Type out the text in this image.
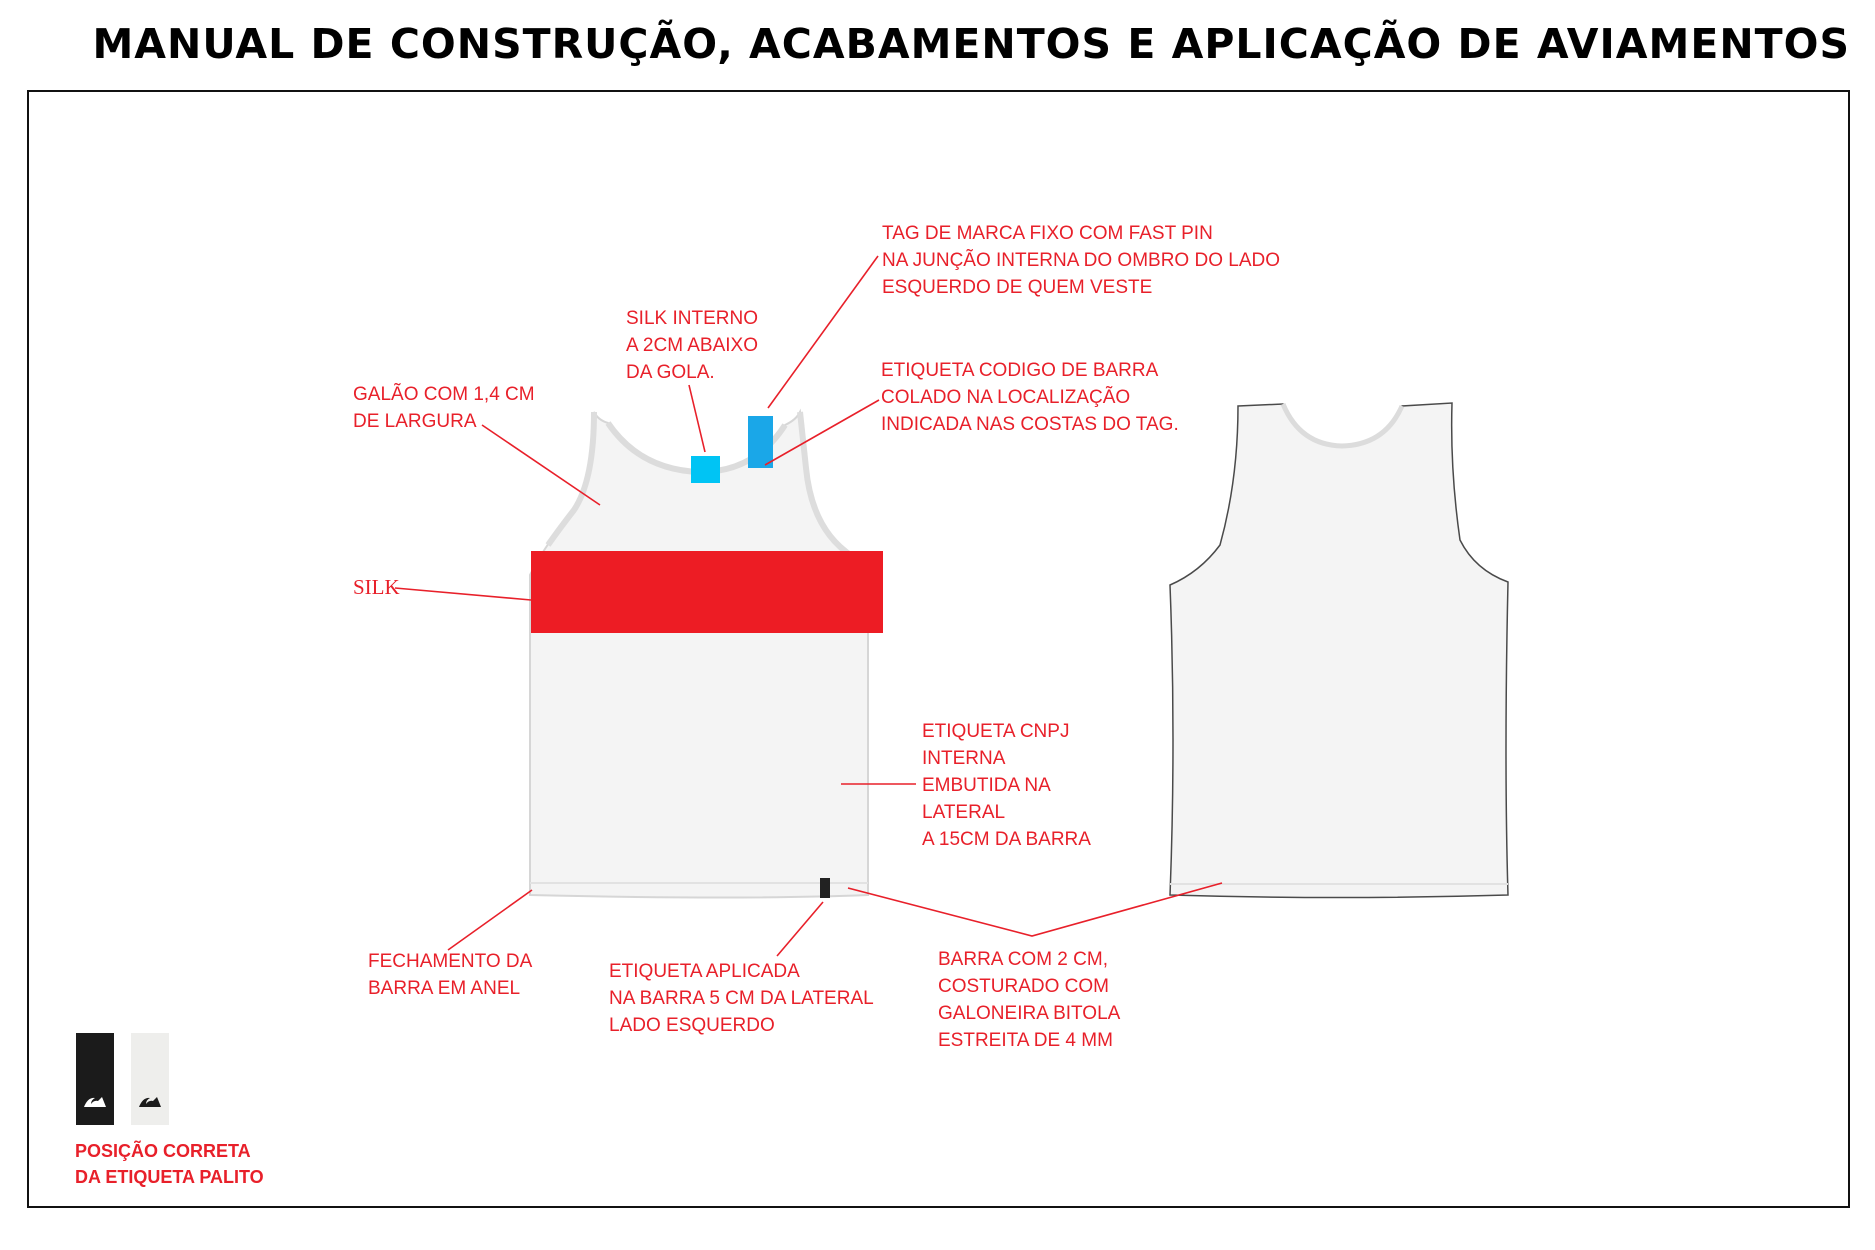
MANUAL DE CONSTRUÇÃO, ACABAMENTOS E APLICAÇÃO DE AVIAMENTOS
TAG DE MARCA FIXO COM FAST PIN
NA JUNÇÃO INTERNA DO OMBRO DO LADO
ESQUERDO DE QUEM VESTE
SILK INTERNO
A 2CM ABAIXO
DA GOLA.	ETIQUETA CODIGO DE BARRA
COLADO NA LOCALIZAÇÃO
INDICADA NAS COSTAS DO TAG.
GALÃO COM 1,4 CM
DE LARGURA
SILK
ETIQUETA CNPJ
INTERNA
EMBUTIDA NA
LATERAL
A 15CM DA BARRA
FECHAMENTO DA
BARRA EM ANEL
ETIQUETA APLICADA
NA BARRA 5 CM DA LATERAL
LADO ESQUERDO
BARRA COM 2 CM,
COSTURADO COM
GALONEIRA BITOLA
ESTREITA DE 4 MM
POSIÇÃO CORRETA
DA ETIQUETA PALITO
